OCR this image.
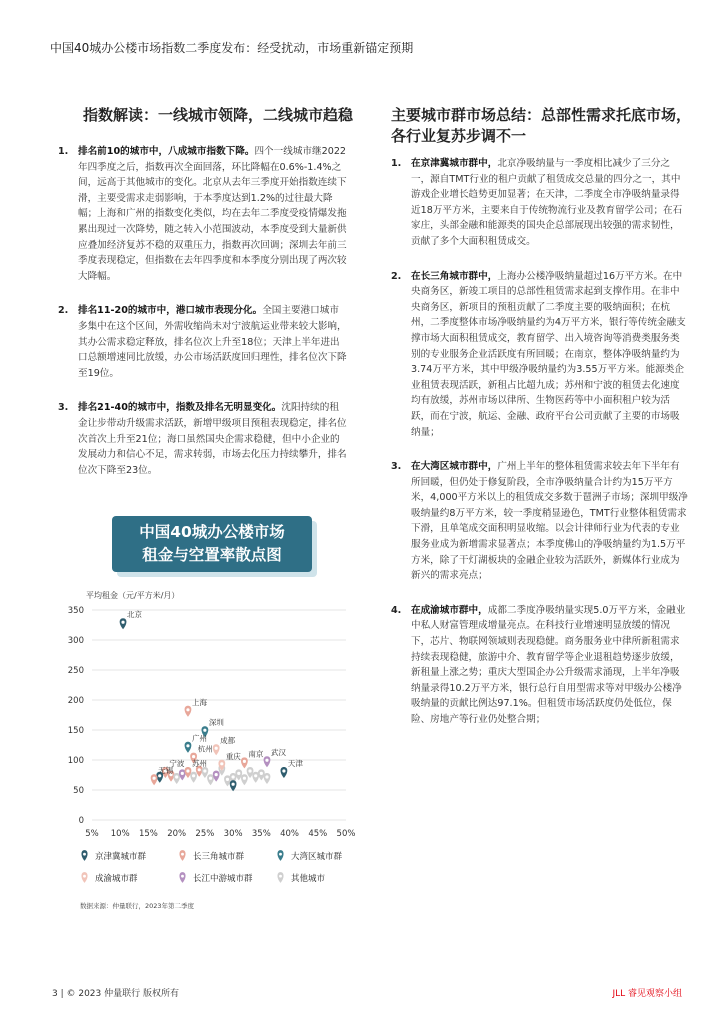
中国40城办公楼市场指数二季度发布：经受扰动，市场重新锚定预期
指数解读：一线城市领降，二线城市趋稳
1. 排名前10的城市中，八成城市指数下降。四个一线城市继2022年四季度之后，指数再次全面回落，环比降幅在0.6%-1.4%之间，远高于其他城市的变化。北京从去年三季度开始指数连续下滑，主要受需求走弱影响，于本季度达到1.2%的过往最大降幅；上海和广州的指数变化类似，均在去年二季度受疫情爆发拖累出现过一次降势，随之转入小范围波动，本季度受到大量新供应叠加经济复苏不稳的双重压力，指数再次回调；深圳去年前三季度表现稳定，但指数在去年四季度和本季度分别出现了两次较大降幅。
2. 排名11-20的城市中，港口城市表现分化。全国主要港口城市多集中在这个区间，外需收缩尚未对宁波航运业带来较大影响，其办公需求稳定释放，排名位次上升至18位；天津上半年进出口总额增速同比放缓，办公市场活跃度回归理性，排名位次下降至19位。
3. 排名21-40的城市中，指数及排名无明显变化。沈阳持续的租金让步带动升级需求活跃，新增甲级项目预租表现稳定，排名位次首次上升至21位；海口虽然国央企需求稳健，但中小企业的发展动力和信心不足，需求转弱，市场去化压力持续攀升，排名位次下降至23位。
主要城市群市场总结：总部性需求托底市场，各行业复苏步调不一
1. 在京津冀城市群中，北京净吸纳量与一季度相比减少了三分之一，源自TMT行业的租户贡献了租赁成交总量的四分之一，其中游戏企业增长趋势更加显著；在天津，二季度全市净吸纳量录得近18万平方米，主要来自于传统物流行业及教育留学公司；在石家庄，头部金融和能源类的国央企总部展现出较强的需求韧性，贡献了多个大面积租赁成交。
2. 在长三角城市群中，上海办公楼净吸纳量超过16万平方米。在中央商务区，新竣工项目的总部性租赁需求起到支撑作用。在非中央商务区，新项目的预租贡献了二季度主要的吸纳面积；在杭州，二季度整体市场净吸纳量约为4万平方米，银行等传统金融支撑市场大面积租赁成交，教育留学、出入境咨询等消费类服务类别的专业服务企业活跃度有所回暖；在南京，整体净吸纳量约为3.74万平方米，其中甲级净吸纳量约为3.55万平方米。能源类企业租赁表现活跃，新租占比超九成；苏州和宁波的租赁去化速度均有放缓，苏州市场以律所、生物医药等中小面积租户较为活跃，而在宁波，航运、金融、政府平台公司贡献了主要的市场吸纳量；
3. 在大湾区城市群中，广州上半年的整体租赁需求较去年下半年有所回暖，但仍处于修复阶段，全市净吸纳量合计约为15万平方米，4,000平方米以上的租赁成交多数于琶洲子市场；深圳甲级净吸纳量约8万平方米，较一季度稍显逊色，TMT行业整体租赁需求下滑，且单笔成交面积明显收缩。以会计律师行业为代表的专业服务业成为新增需求显著点；本季度佛山的净吸纳量约为1.5万平方米，除了干灯湖板块的金融企业较为活跃外，新媒体行业成为新兴的需求亮点；
4. 在成渝城市群中，成都二季度净吸纳量实现5.0万平方米，金融业中私人财富管理成增量亮点。在科技行业增速明显放缓的情况下，芯片、物联网领域则表现稳健。商务服务业中律所新租需求持续表现稳健，旅游中介、教育留学等企业退租趋势逐步放缓，新租量上涨之势；重庆大型国企办公升级需求涌现，上半年净吸纳量录得10.2万平方米，银行总行自用型需求等对甲级办公楼净吸纳量的贡献比例达97.1%。但租赁市场活跃度仍处低位，保险、房地产等行业仍处整合期；
中国40城办公楼市场
租金与空置率散点图
平均租金（元/平方米/月）
0
50
100
150
200
250
300
350
5% 10% 15% 20% 25% 30% 35% 40% 45% 50%
北京
上海
深圳
广州
杭州
成都
重庆 南京 武汉
宁波 苏州
无锡
天津
京津冀城市群	长三角城市群	大湾区城市群
成渝城市群	长江中游城市群	其他城市
数据来源：仲量联行，2023年第二季度
3 | © 2023 仲量联行 版权所有	JLL 睿见观察小组
